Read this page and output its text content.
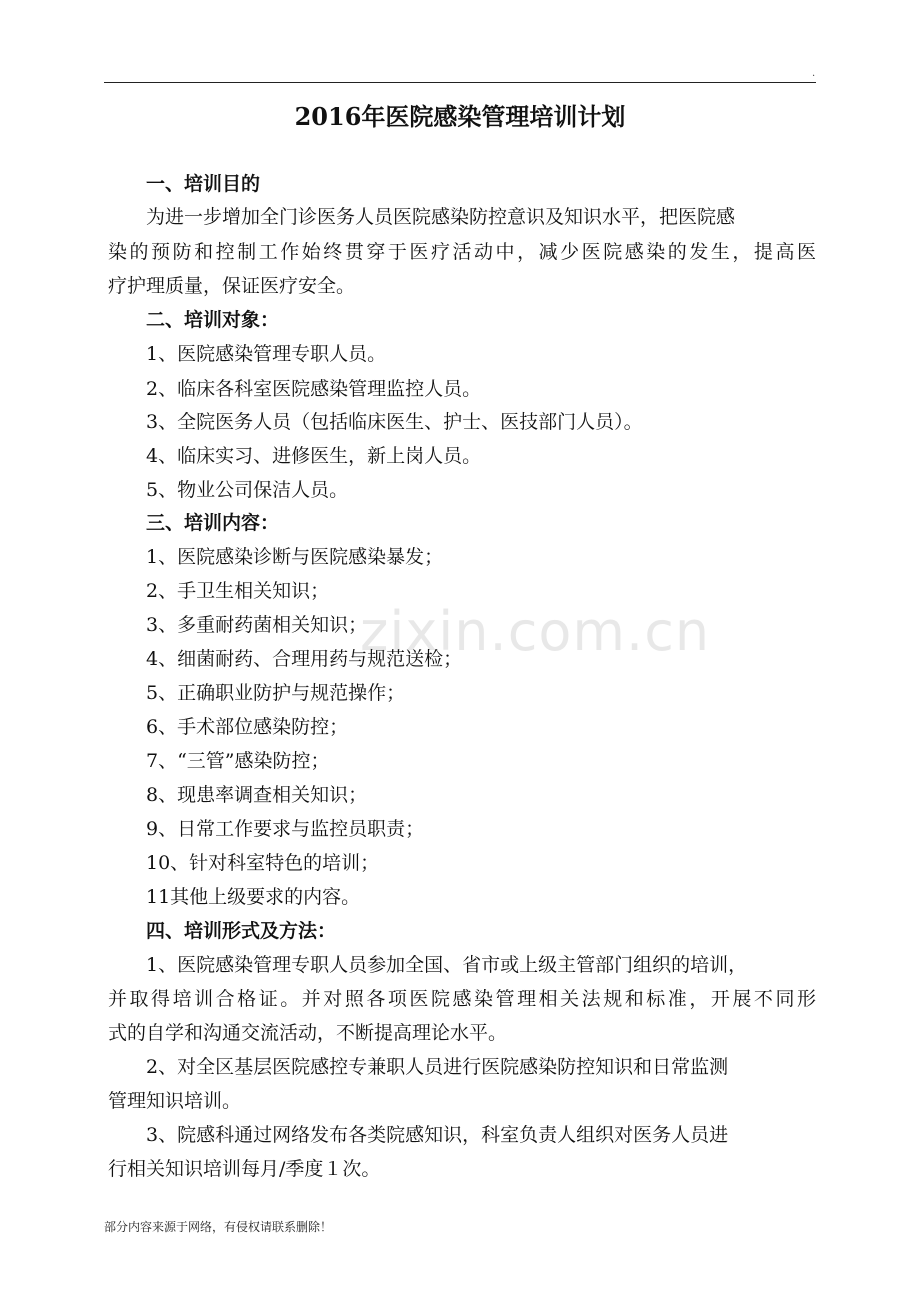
.
zixin.com.cn
2016年医院感染管理培训计划
一、培训目的
为进一步增加全门诊医务人员医院感染防控意识及知识水平，把医院感
染的预防和控制工作始终贯穿于医疗活动中，减少医院感染的发生，提高医
疗护理质量，保证医疗安全。
二、培训对象：
1、医院感染管理专职人员。
2、临床各科室医院感染管理监控人员。
3、全院医务人员（包括临床医生、护士、医技部门人员）。
4、临床实习、进修医生，新上岗人员。
5、物业公司保洁人员。
三、培训内容：
1、医院感染诊断与医院感染暴发；
2、手卫生相关知识；
3、多重耐药菌相关知识；
4、细菌耐药、合理用药与规范送检；
5、正确职业防护与规范操作；
6、手术部位感染防控；
7、“三管”感染防控；
8、现患率调查相关知识；
9、日常工作要求与监控员职责；
10、针对科室特色的培训；
11其他上级要求的内容。
四、培训形式及方法：
1、医院感染管理专职人员参加全国、省市或上级主管部门组织的培训，
并取得培训合格证。并对照各项医院感染管理相关法规和标准，开展不同形
式的自学和沟通交流活动，不断提高理论水平。
2、对全区基层医院感控专兼职人员进行医院感染防控知识和日常监测
管理知识培训。
3、院感科通过网络发布各类院感知识，科室负责人组织对医务人员进
行相关知识培训每月/季度１次。
部分内容来源于网络，有侵权请联系删除！
